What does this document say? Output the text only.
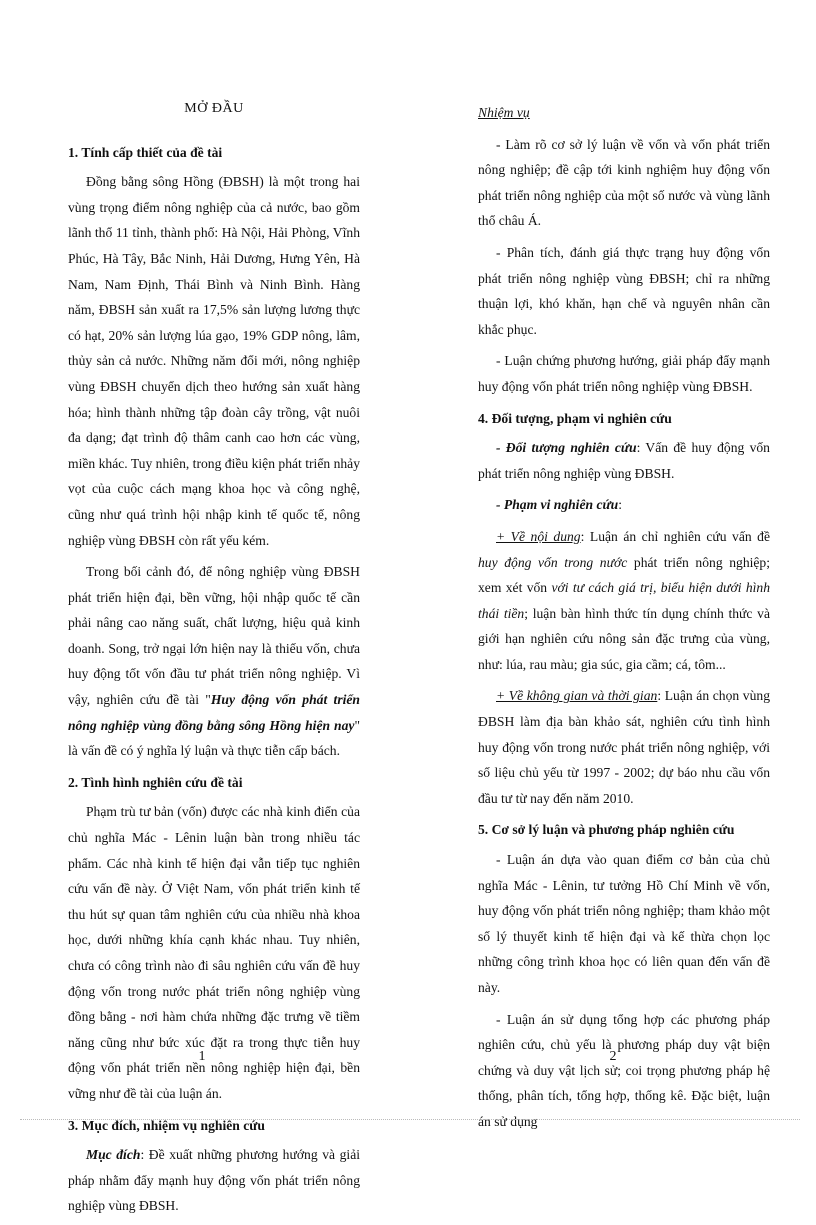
MỞ ĐẦU
1. Tính cấp thiết của đề tài

Đồng bằng sông Hồng (ĐBSH) là một trong hai vùng trọng điểm nông nghiệp của cả nước, bao gồm lãnh thổ 11 tỉnh, thành phố: Hà Nội, Hải Phòng, Vĩnh Phúc, Hà Tây, Bắc Ninh, Hải Dương, Hưng Yên, Hà Nam, Nam Định, Thái Bình và Ninh Bình. Hàng năm, ĐBSH sản xuất ra 17,5% sản lượng lương thực có hạt, 20% sản lượng lúa gạo, 19% GDP nông, lâm, thủy sản cả nước. Những năm đổi mới, nông nghiệp vùng ĐBSH chuyển dịch theo hướng sản xuất hàng hóa; hình thành những tập đoàn cây trồng, vật nuôi đa dạng; đạt trình độ thâm canh cao hơn các vùng, miền khác. Tuy nhiên, trong điều kiện phát triển nhảy vọt của cuộc cách mạng khoa học và công nghệ, cũng như quá trình hội nhập kinh tế quốc tế, nông nghiệp vùng ĐBSH còn rất yếu kém.

Trong bối cảnh đó, để nông nghiệp vùng ĐBSH phát triển hiện đại, bền vững, hội nhập quốc tế cần phải nâng cao năng suất, chất lượng, hiệu quả kinh doanh. Song, trở ngại lớn hiện nay là thiếu vốn, chưa huy động tốt vốn đầu tư phát triển nông nghiệp. Vì vậy, nghiên cứu đề tài "Huy động vốn phát triển nông nghiệp vùng đồng bằng sông Hồng hiện nay" là vấn đề có ý nghĩa lý luận và thực tiễn cấp bách.

2. Tình hình nghiên cứu đề tài

Phạm trù tư bản (vốn) được các nhà kinh điển của chủ nghĩa Mác - Lênin luận bàn trong nhiều tác phẩm. Các nhà kinh tế hiện đại vẫn tiếp tục nghiên cứu vấn đề này. Ở Việt Nam, vốn phát triển kinh tế thu hút sự quan tâm nghiên cứu của nhiều nhà khoa học, dưới những khía cạnh khác nhau. Tuy nhiên, chưa có công trình nào đi sâu nghiên cứu vấn đề huy động vốn trong nước phát triển nông nghiệp vùng đồng bằng - nơi hàm chứa những đặc trưng về tiềm năng cũng như bức xúc đặt ra trong thực tiễn huy động vốn phát triển nền nông nghiệp hiện đại, bền vững như đề tài của luận án.

3. Mục đích, nhiệm vụ nghiên cứu

Mục đích: Đề xuất những phương hướng và giải pháp nhằm đẩy mạnh huy động vốn phát triển nông nghiệp vùng ĐBSH.

1

Nhiệm vụ

- Làm rõ cơ sở lý luận về vốn và vốn phát triển nông nghiệp; đề cập tới kinh nghiệm huy động vốn phát triển nông nghiệp của một số nước và vùng lãnh thổ châu Á.

- Phân tích, đánh giá thực trạng huy động vốn phát triển nông nghiệp vùng ĐBSH; chỉ ra những thuận lợi, khó khăn, hạn chế và nguyên nhân cần khắc phục.

- Luận chứng phương hướng, giải pháp đẩy mạnh huy động vốn phát triển nông nghiệp vùng ĐBSH.

4. Đối tượng, phạm vi nghiên cứu

- Đối tượng nghiên cứu: Vấn đề huy động vốn phát triển nông nghiệp vùng ĐBSH.

- Phạm vi nghiên cứu:

+ Về nội dung: Luận án chỉ nghiên cứu vấn đề huy động vốn trong nước phát triển nông nghiệp; xem xét vốn với tư cách giá trị, biểu hiện dưới hình thái tiền; luận bàn hình thức tín dụng chính thức và giới hạn nghiên cứu nông sản đặc trưng của vùng, như: lúa, rau màu; gia súc, gia cầm; cá, tôm...

+ Về không gian và thời gian: Luận án chọn vùng ĐBSH làm địa bàn khảo sát, nghiên cứu tình hình huy động vốn trong nước phát triển nông nghiệp, với số liệu chủ yếu từ 1997 - 2002; dự báo nhu cầu vốn đầu tư từ nay đến năm 2010.

5. Cơ sở lý luận và phương pháp nghiên cứu

- Luận án dựa vào quan điểm cơ bản của chủ nghĩa Mác - Lênin, tư tưởng Hồ Chí Minh về vốn, huy động vốn phát triển nông nghiệp; tham khảo một số lý thuyết kinh tế hiện đại và kế thừa chọn lọc những công trình khoa học có liên quan đến vấn đề này.

- Luận án sử dụng tổng hợp các phương pháp nghiên cứu, chủ yếu là phương pháp duy vật biện chứng và duy vật lịch sử; coi trọng phương pháp hệ thống, phân tích, tổng hợp, thống kê. Đặc biệt, luận án sử dụng

2
